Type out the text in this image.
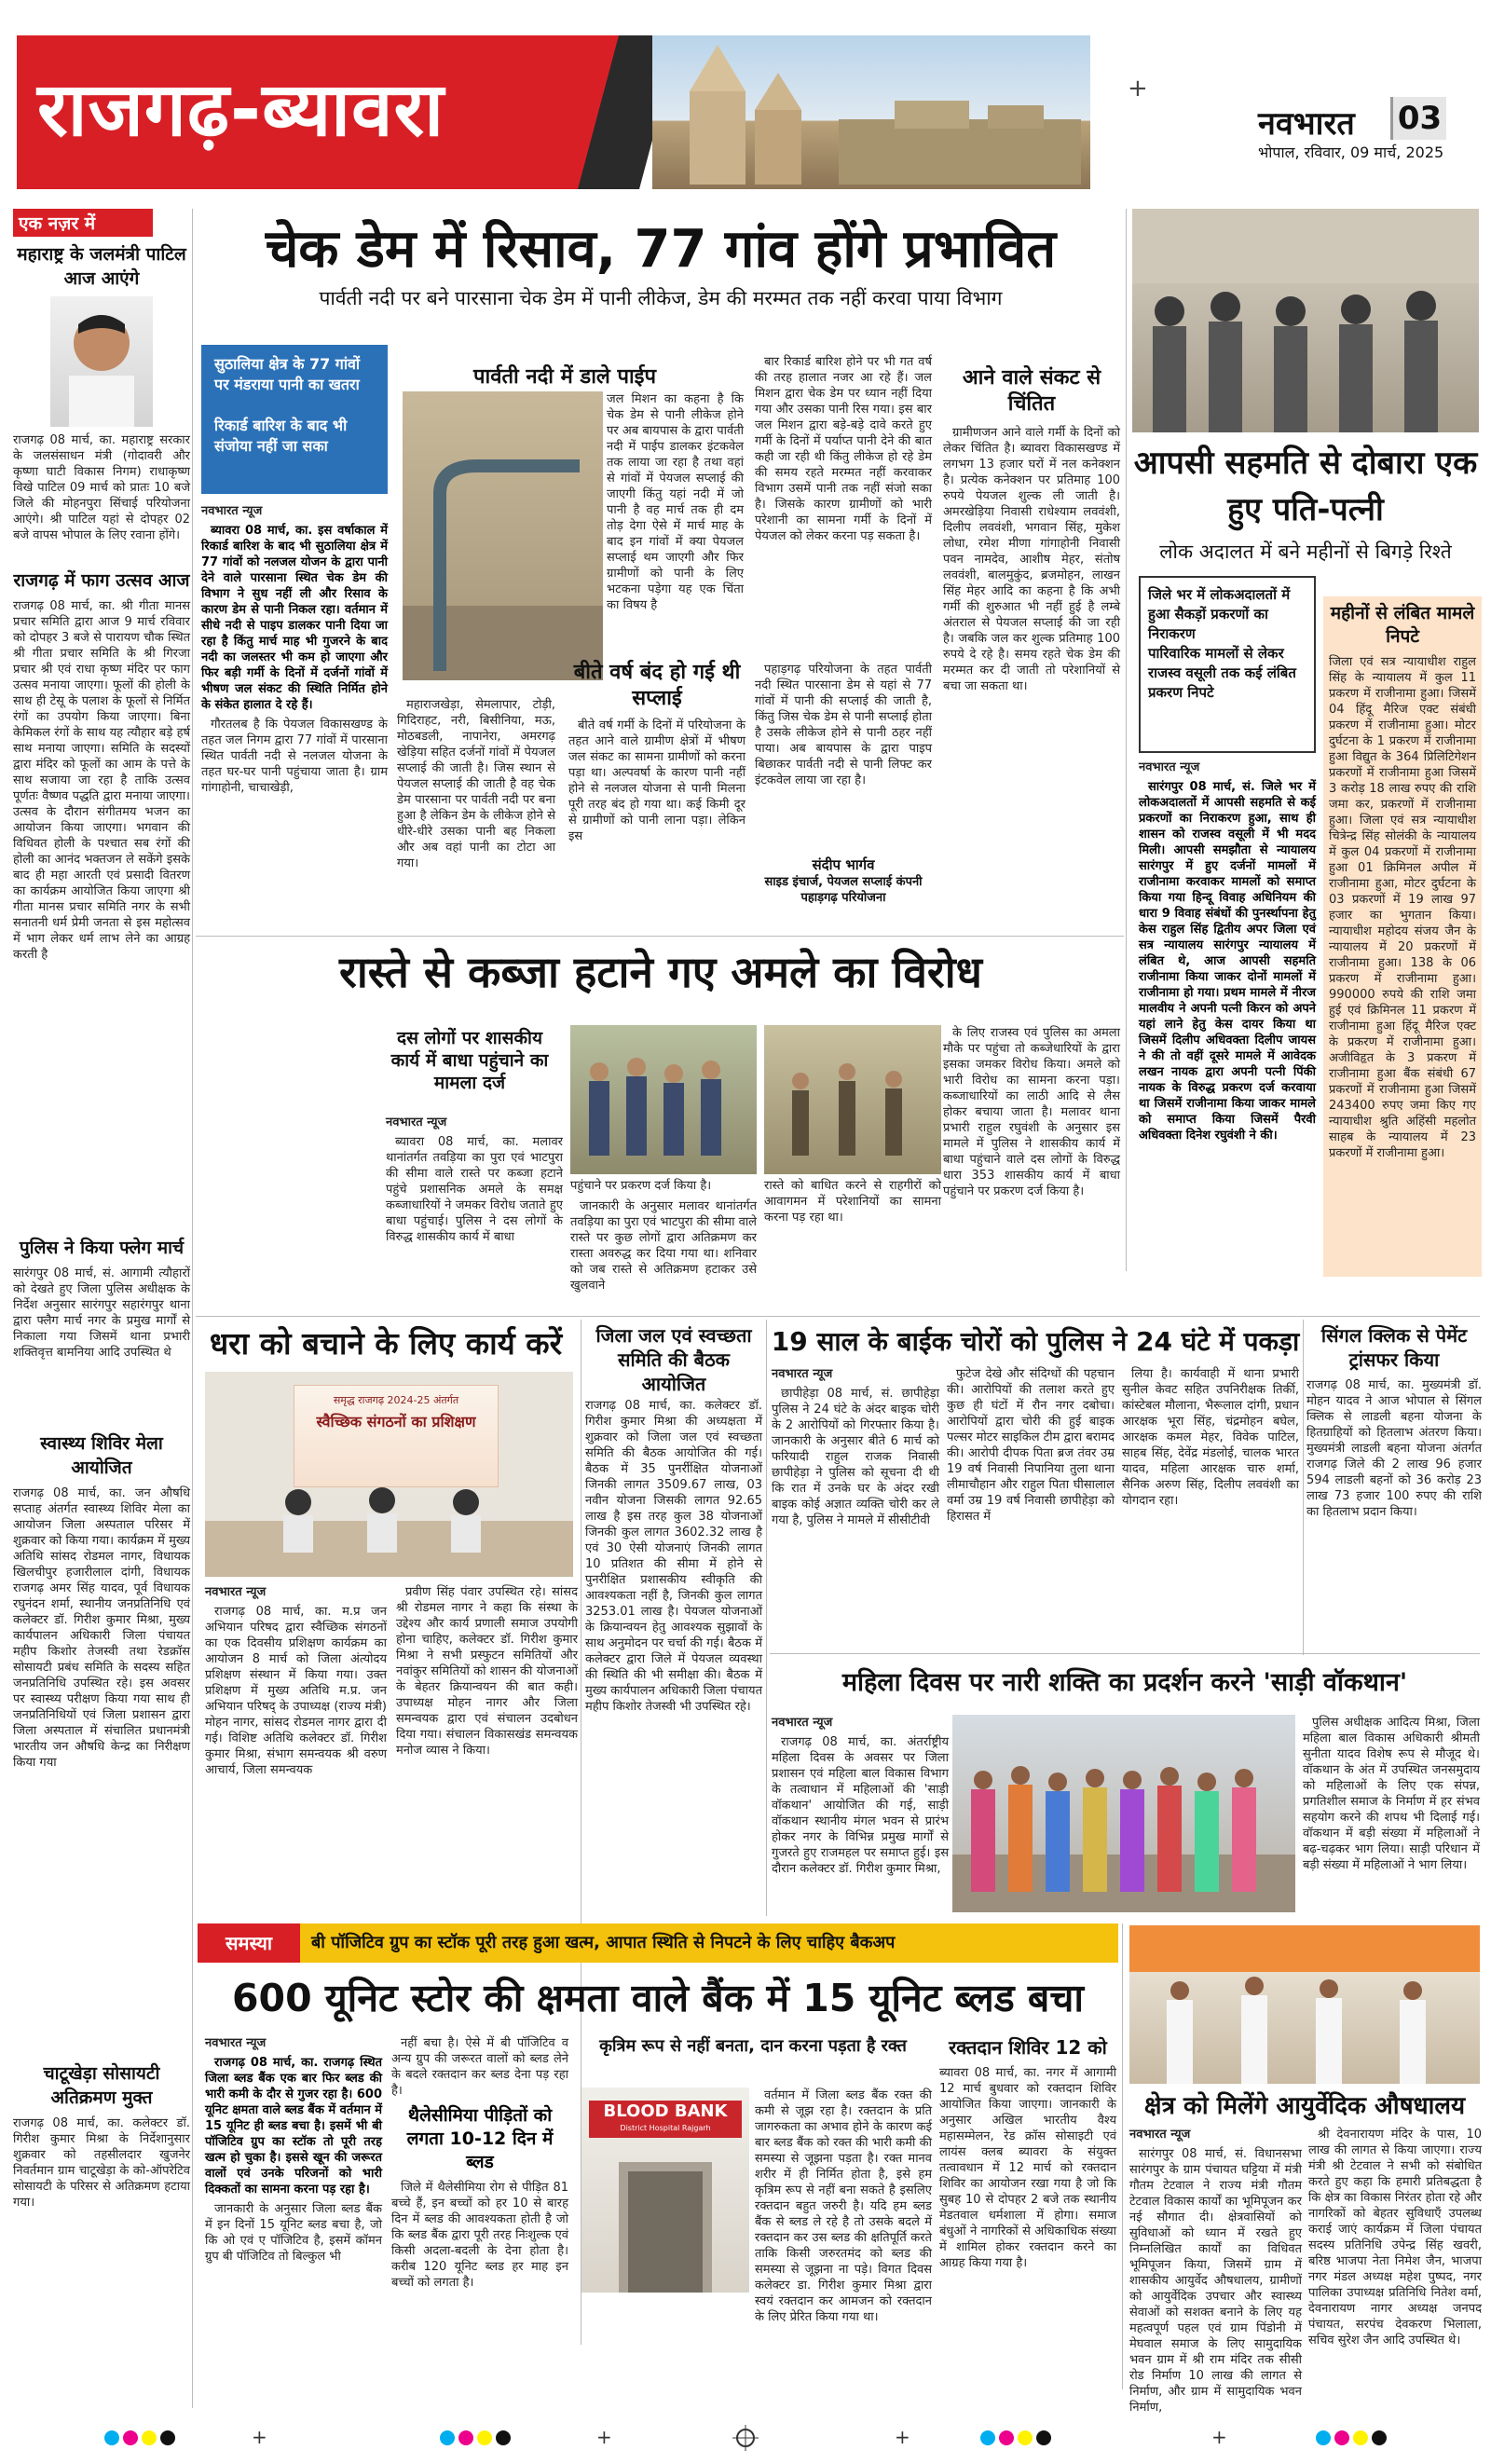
राजगढ़-ब्यावरा	+
नवभारत 03
भोपाल, रविवार, 09 मार्च, 2025
एक नज़र में
महाराष्ट्र के जलमंत्री पाटिल आज आएंगे
राजगढ़ 08 मार्च, का. महाराष्ट्र सरकार के जलसंसाधन मंत्री (गोदावरी और कृष्णा घाटी विकास निगम) राधाकृष्ण विखे पाटिल 09 मार्च को प्रातः 10 बजे जिले की मोहनपुरा सिंचाई परियोजना आएंगे। श्री पाटिल यहां से दोपहर 02 बजे वापस भोपाल के लिए रवाना होंगे।
राजगढ़ में फाग उत्सव आज
राजगढ़ 08 मार्च, का. श्री गीता मानस प्रचार समिति द्वारा आज 9 मार्च रविवार को दोपहर 3 बजे से पारायण चौक स्थित श्री गीता प्रचार समिति के श्री गिरजा प्रचार श्री एवं राधा कृष्ण मंदिर पर फाग उत्सव मनाया जाएगा। फूलों की होली के साथ ही टेसू के पलाश के फूलों से निर्मित रंगों का उपयोग किया जाएगा। बिना केमिकल रंगों के साथ यह त्यौहार बड़े हर्ष साथ मनाया जाएगा। समिति के सदस्यों द्वारा मंदिर को फूलों का आम के पत्ते के साथ सजाया जा रहा है ताकि उत्सव पूर्णतः वैष्णव पद्धति द्वारा मनाया जाएगा। उत्सव के दौरान संगीतमय भजन का आयोजन किया जाएगा। भगवान की विधिवत होली के पश्चात सब रंगों की होली का आनंद भक्तजन ले सकेंगे इसके बाद ही महा आरती एवं प्रसादी वितरण का कार्यक्रम आयोजित किया जाएगा श्री गीता मानस प्रचार समिति नगर के सभी सनातनी धर्म प्रेमी जनता से इस महोत्सव में भाग लेकर धर्म लाभ लेने का आग्रह करती है
पुलिस ने किया फ्लेग मार्च
सारंगपुर 08 मार्च, सं. आगामी त्यौहारों को देखते हुए जिला पुलिस अधीक्षक के निर्देश अनुसार सारंगपुर सहारंगपुर थाना द्वारा फ्लैग मार्च नगर के प्रमुख मार्गों से निकाला गया जिसमें थाना प्रभारी शक्तिवृत्त बामनिया आदि उपस्थित थे
स्वास्थ्य शिविर मेला आयोजित
राजगढ़ 08 मार्च, का. जन औषधि सप्ताह अंतर्गत स्वास्थ्य शिविर मेला का आयोजन जिला अस्पताल परिसर में शुक्रवार को किया गया। कार्यक्रम में मुख्य अतिथि सांसद रोडमल नागर, विधायक खिलचीपुर हजारीलाल दांगी, विधायक राजगढ़ अमर सिंह यादव, पूर्व विधायक रघुनंदन शर्मा, स्थानीय जनप्रतिनिधि एवं कलेक्टर डॉ. गिरीश कुमार मिश्रा, मुख्य कार्यपालन अधिकारी जिला पंचायत महीप किशोर तेजस्वी तथा रेडक्रॉस सोसायटी प्रबंध समिति के सदस्य सहित जनप्रतिनिधि उपस्थित रहे। इस अवसर पर स्वास्थ्य परीक्षण किया गया साथ ही जनप्रतिनिधियों एवं जिला प्रशासन द्वारा जिला अस्पताल में संचालित प्रधानमंत्री भारतीय जन औषधि केन्द्र का निरीक्षण किया गया
चाटूखेड़ा सोसायटी अतिक्रमण मुक्त
राजगढ़ 08 मार्च, का. कलेक्टर डॉ. गिरीश कुमार मिश्रा के निर्देशानुसार शुक्रवार को तहसीलदार खुजनेर निवर्तमान ग्राम चाटूखेड़ा के को-ऑपरेटिव सोसायटी के परिसर से अतिक्रमण हटाया गया।
चेक डेम में रिसाव, 77 गांव होंगे प्रभावित
पार्वती नदी पर बने पारसाना चेक डेम में पानी लीकेज, डेम की मरम्मत तक नहीं करवा पाया विभाग
सुठालिया क्षेत्र के 77 गांवों पर मंडराया पानी का खतरा

रिकार्ड बारिश के बाद भी संजोया नहीं जा सका

नवभारत न्यूज

ब्यावरा 08 मार्च, का. इस वर्षाकाल में रिकार्ड बारिश के बाद भी सुठालिया क्षेत्र में 77 गांवों को नलजल योजन के द्वारा पानी देने वाले पारसाना स्थित चेक डेम की विभाग ने सुध नहीं ली और रिसाव के कारण डेम से पानी निकल रहा। वर्तमान में सीधे नदी से पाइप डालकर पानी दिया जा रहा है किंतु मार्च माह भी गुजरने के बाद नदी का जलस्तर भी कम हो जाएगा और फिर बड़ी गर्मी के दिनों में दर्जनों गांवों में भीषण जल संकट की स्थिति निर्मित होने के संकेत हालात दे रहे हैं।

गौरतलब है कि पेयजल विकासखण्ड के तहत जल निगम द्वारा 77 गांवों में पारसाना स्थित पार्वती नदी से नलजल योजना के तहत घर-घर पानी पहुंचाया जाता है। ग्राम गांगाहोनी, चाचाखेड़ी,

पार्वती नदी में डाले पाईप
जल मिशन का कहना है कि चेक डेम से पानी लीकेज होने पर अब बायपास के द्वारा पार्वती नदी में पाईप डालकर इंटकवेल तक लाया जा रहा है तथा वहां से गांवों में पेयजल सप्लाई की जाएगी किंतु यहां नदी में जो पानी है वह मार्च तक ही दम तोड़ देगा ऐसे में मार्च माह के बाद इन गांवों में क्या पेयजल सप्लाई थम जाएगी और फिर ग्रामीणों को पानी के लिए भटकना पड़ेगा यह एक चिंता का विषय है

महाराजखेड़ा, सेमलापार, टोड़ी, गिदिराहट, नरी, बिसीनिया, मऊ, मोठबडली, नापानेरा, अमरगढ़ खेड़िया सहित दर्जनों गांवों में पेयजल सप्लाई की जाती है। जिस स्थान से पेयजल सप्लाई की जाती है वह चेक डेम पारसाना पर पार्वती नदी पर बना हुआ है लेकिन डेम के लीकेज होने से धीरे-धीरे उसका पानी बह निकला और अब वहां पानी का टोटा आ गया।

बीते वर्ष बंद हो गई थी सप्लाई

बीते वर्ष गर्मी के दिनों में परियोजना के तहत आने वाले ग्रामीण क्षेत्रों में भीषण जल संकट का सामना ग्रामीणों को करना पड़ा था। अल्पवर्षा के कारण पानी नहीं होने से नलजल योजना से पानी मिलना पूरी तरह बंद हो गया था। कई किमी दूर से ग्रामीणों को पानी लाना पड़ा। लेकिन इस

बार रिकार्ड बारिश होने पर भी गत वर्ष की तरह हालात नजर आ रहे हैं। जल मिशन द्वारा चेक डेम पर ध्यान नहीं दिया गया और उसका पानी रिस गया। इस बार जल मिशन द्वारा बड़े-बड़े दावे करते हुए गर्मी के दिनों में पर्याप्त पानी देने की बात कही जा रही थी किंतु लीकेज हो रहे डेम की समय रहते मरम्मत नहीं करवाकर विभाग उसमें पानी तक नहीं संजो सका है। जिसके कारण ग्रामीणों को भारी परेशानी का सामना गर्मी के दिनों में पेयजल को लेकर करना पड़ सकता है।

पहाड़गढ़ परियोजना के तहत पार्वती नदी स्थित पारसाना डेम से यहां से 77 गांवों में पानी की सप्लाई की जाती है, किंतु जिस चेक डेम से पानी सप्लाई होता है उसके लीकेज होने से पानी ठहर नहीं पाया। अब बायपास के द्वारा पाइप बिछाकर पार्वती नदी से पानी लिफ्ट कर इंटकवेल लाया जा रहा है।

संदीप भार्गव
साइड इंचार्ज, पेयजल सप्लाई कंपनी पहाड़गढ़ परियोजना
आने वाले संकट से चिंतित

ग्रामीणजन आने वाले गर्मी के दिनों को लेकर चिंतित है। ब्यावरा विकासखण्ड में लगभग 13 हजार घरों में नल कनेक्शन है। प्रत्येक कनेक्शन पर प्रतिमाह 100 रुपये पेयजल शुल्क ली जाती है। अमरखेड़िया निवासी राधेश्याम लववंशी, दिलीप लववंशी, भगवान सिंह, मुकेश लोधा, रमेश मीणा गांगाहोनी निवासी पवन नामदेव, आशीष मेहर, संतोष लववंशी, बालमुकुंद, ब्रजमोहन, लाखन सिंह मेहर आदि का कहना है कि अभी गर्मी की शुरुआत भी नहीं हुई है लम्बे अंतराल से पेयजल सप्लाई की जा रही है। जबकि जल कर शुल्क प्रतिमाह 100 रुपये दे रहे है। समय रहते चेक डेम की मरम्मत कर दी जाती तो परेशानियों से बचा जा सकता था।

आपसी सहमति से दोबारा एक हुए पति-पत्नी
लोक अदालत में बने महीनों से बिगड़े रिश्ते
जिले भर में लोकअदालतों में हुआ सैकड़ों प्रकरणों का निराकरण
पारिवारिक मामलों से लेकर राजस्व वसूली तक कई लंबित प्रकरण निपटे

नवभारत न्यूज

सारंगपुर 08 मार्च, सं. जिले भर में लोकअदालतों में आपसी सहमति से कई प्रकरणों का निराकरण हुआ, साथ ही शासन को राजस्व वसूली में भी मदद मिली। आपसी समझौता से न्यायालय सारंगपुर में हुए दर्जनों मामलों में राजीनामा करवाकर मामलों को समाप्त किया गया हिन्दू विवाह अधिनियम की धारा 9 विवाह संबंधों की पुनर्स्थापना हेतु केस राहुल सिंह द्वितीय अपर जिला एवं सत्र न्यायालय सारंगपुर न्यायालय में लंबित थे, आज आपसी सहमति राजीनामा किया जाकर दोनों मामलों में राजीनामा हो गया। प्रथम मामले में नीरज मालवीय ने अपनी पत्नी किरन को अपने यहां लाने हेतु केस दायर किया था जिसमें दिलीप अधिवक्ता दिलीप जायस ने की तो वहीं दूसरे मामले में आवेदक लखन नायक द्वारा अपनी पत्नी पिंकी नायक के विरुद्ध प्रकरण दर्ज करवाया था जिसमें राजीनामा किया जाकर मामले को समाप्त किया जिसमें पैरवी अधिवक्ता दिनेश रघुवंशी ने की।

महीनों से लंबित मामले निपटे
जिला एवं सत्र न्यायाधीश राहुल सिंह के न्यायालय में कुल 11 प्रकरण में राजीनामा हुआ। जिसमें 04 हिंदू मैरिज एक्ट संबंधी प्रकरण में राजीनामा हुआ। मोटर दुर्घटना के 1 प्रकरण में राजीनामा हुआ विद्युत के 364 प्रिलिटिगेशन प्रकरणों में राजीनामा हुआ जिसमें 3 करोड़ 18 लाख रुपए की राशि जमा कर, प्रकरणों में राजीनामा हुआ। जिला एवं सत्र न्यायाधीश चित्रेन्द्र सिंह सोलंकी के न्यायालय में कुल 04 प्रकरणों में राजीनामा हुआ 01 क्रिमिनल अपील में राजीनामा हुआ, मोटर दुर्घटना के 03 प्रकरणों में 19 लाख 97 हजार का भुगतान किया। न्यायाधीश महोदय संजय जैन के न्यायालय में 20 प्रकरणों में राजीनामा हुआ। 138 के 06 प्रकरण में राजीनामा हुआ। 990000 रुपये की राशि जमा हुई एवं क्रिमिनल 11 प्रकरण में राजीनामा हुआ हिंदू मैरिज एक्ट के प्रकरण में राजीनामा हुआ। अजीविहृत के 3 प्रकरण में राजीनामा हुआ बैंक संबंधी 67 प्रकरणों में राजीनामा हुआ जिसमें 243400 रुपए जमा किए गए न्यायाधीश श्रुति अहिंसी महलोत साहब के न्यायालय में 23 प्रकरणों में राजीनामा हुआ।
रास्ते से कब्जा हटाने गए अमले का विरोध
दस लोगों पर शासकीय कार्य में बाधा पहुंचाने का मामला दर्ज

नवभारत न्यूज

ब्यावरा 08 मार्च, का. मलावर थानांतर्गत तवड़िया का पुरा एवं भाटपुरा की सीमा वाले रास्ते पर कब्जा हटाने पहुंचे प्रशासनिक अमले के समक्ष कब्जाधारियों ने जमकर विरोध जताते हुए बाधा पहुंचाई। पुलिस ने दस लोगों के विरुद्ध शासकीय कार्य में बाधा

पहुंचाने पर प्रकरण दर्ज किया है।	रास्ते को बाधित करने से राहगीरों को आवागमन में परेशानियों का सामना करना पड़ रहा था।

जानकारी के अनुसार मलावर थानांतर्गत तवड़िया का पुरा एवं भाटपुरा की सीमा वाले रास्ते पर कुछ लोगों द्वारा अतिक्रमण कर रास्ता अवरुद्ध कर दिया गया था। शनिवार को जब रास्ते से अतिक्रमण हटाकर उसे खुलवाने

के लिए राजस्व एवं पुलिस का अमला मौके पर पहुंचा तो कब्जेधारियों के द्वारा इसका जमकर विरोध किया। अमले को भारी विरोध का सामना करना पड़ा। कब्जाधारियों का लाठी आदि से लैस होकर बचाया जाता है। मलावर थाना प्रभारी राहुल रघुवंशी के अनुसार इस मामले में पुलिस ने शासकीय कार्य में बाधा पहुंचाने वाले दस लोगों के विरुद्ध धारा 353 शासकीय कार्य में बाधा पहुंचाने पर प्रकरण दर्ज किया है।

धरा को बचाने के लिए कार्य करें
समृद्ध राजगढ़ 2024-25 अंतर्गत
स्वैच्छिक संगठनों का प्रशिक्षण

नवभारत न्यूज

राजगढ़ 08 मार्च, का. म.प्र जन अभियान परिषद द्वारा स्वैच्छिक संगठनों का एक दिवसीय प्रशिक्षण कार्यक्रम का आयोजन 8 मार्च को जिला अंत्योदय प्रशिक्षण संस्थान में किया गया। उक्त प्रशिक्षण में मुख्य अतिथि म.प्र. जन अभियान परिषद् के उपाध्यक्ष (राज्य मंत्री) मोहन नागर, सांसद रोडमल नागर द्वारा दी गई। विशिष्ट अतिथि कलेक्टर डॉ. गिरीश कुमार मिश्रा, संभाग समन्वयक श्री वरुण आचार्य, जिला समन्वयक

प्रवीण सिंह पंवार उपस्थित रहे। सांसद श्री रोडमल नागर ने कहा कि संस्था के उद्देश्य और कार्य प्रणाली समाज उपयोगी होना चाहिए, कलेक्टर डॉ. गिरीश कुमार मिश्रा ने सभी प्रस्फुटन समितियों और नवांकुर समितियों को शासन की योजनाओं के बेहतर क्रियान्वयन की बात कही। उपाध्यक्ष मोहन नागर और जिला समन्वयक द्वारा एवं संचालन उदबोधन दिया गया। संचालन विकासखंड समन्वयक मनोज व्यास ने किया।

जिला जल एवं स्वच्छता समिति की बैठक आयोजित
राजगढ़ 08 मार्च, का. कलेक्टर डॉ. गिरीश कुमार मिश्रा की अध्यक्षता में शुक्रवार को जिला जल एवं स्वच्छता समिति की बैठक आयोजित की गई। बैठक में 35 पुनर्रीक्षित योजनाओं जिनकी लागत 3509.67 लाख, 03 नवीन योजना जिसकी लागत 92.65 लाख है इस तरह कुल 38 योजनाओं जिनकी कुल लागत 3602.32 लाख है एवं 30 ऐसी योजनाएं जिनकी लागत 10 प्रतिशत की सीमा में होने से पुनरीक्षित प्रशासकीय स्वीकृति की आवश्यकता नहीं है, जिनकी कुल लागत 3253.01 लाख है। पेयजल योजनाओं के क्रियान्वयन हेतु आवश्यक सुझावों के साथ अनुमोदन पर चर्चा की गई। बैठक में कलेक्टर द्वारा जिले में पेयजल व्यवस्था की स्थिति की भी समीक्षा की। बैठक में मुख्य कार्यपालन अधिकारी जिला पंचायत महीप किशोर तेजस्वी भी उपस्थित रहे।
19 साल के बाईक चोरों को पुलिस ने 24 घंटे में पकड़ा

नवभारत न्यूज

छापीहेड़ा 08 मार्च, सं. छापीहेड़ा पुलिस ने 24 घंटे के अंदर बाइक चोरी के 2 आरोपियों को गिरफ्तार किया है। जानकारी के अनुसार बीते 6 मार्च को फरियादी राहुल राजक निवासी छापीहेड़ा ने पुलिस को सूचना दी थी कि रात में उनके घर के अंदर रखी बाइक कोई अज्ञात व्यक्ति चोरी कर ले गया है, पुलिस ने मामले में सीसीटीवी

फुटेज देखे और संदिग्धों की पहचान की। आरोपियों की तलाश करते हुए कुछ ही घंटों में रौन नगर दबोचा। आरोपियों द्वारा चोरी की हुई बाइक पल्सर मोटर साइकिल टीम द्वारा बरामद की। आरोपी दीपक पिता ब्रज तंवर उम्र 19 वर्ष निवासी निपानिया तुला थाना लीमाचौहान और राहुल पिता घीसालाल वर्मा उम्र 19 वर्ष निवासी छापीहेड़ा को हिरासत में

लिया है। कार्यवाही में थाना प्रभारी सुनील केवट सहित उपनिरीक्षक तिर्की, कांस्टेबल मौलाना, भैरूलाल दांगी, प्रधान आरक्षक भूरा सिंह, चंद्रमोहन बघेल, आरक्षक कमल मेहर, विवेक पाटिल, साहब सिंह, देवेंद्र मंडलोई, चालक भारत यादव, महिला आरक्षक चारु शर्मा, सैनिक अरुण सिंह, दिलीप लववंशी का योगदान रहा।

सिंगल क्लिक से पेमेंट ट्रांसफर किया
राजगढ़ 08 मार्च, का. मुख्यमंत्री डॉ. मोहन यादव ने आज भोपाल से सिंगल क्लिक से लाडली बहना योजना के हितग्राहियों को हितलाभ अंतरण किया। मुख्यमंत्री लाडली बहना योजना अंतर्गत राजगढ़ जिले की 2 लाख 96 हजार 594 लाडली बहनों को 36 करोड़ 23 लाख 73 हजार 100 रुपए की राशि का हितलाभ प्रदान किया।
महिला दिवस पर नारी शक्ति का प्रदर्शन करने 'साड़ी वॉकथान'

नवभारत न्यूज

राजगढ़ 08 मार्च, का. अंतर्राष्ट्रीय महिला दिवस के अवसर पर जिला प्रशासन एवं महिला बाल विकास विभाग के तत्वाधान में महिलाओं की 'साड़ी वॉकथान' आयोजित की गई, साड़ी वॉकथान स्थानीय मंगल भवन से प्रारंभ होकर नगर के विभिन्न प्रमुख मार्गों से गुजरते हुए राजमहल पर समाप्त हुई। इस दौरान कलेक्टर डॉ. गिरीश कुमार मिश्रा,

पुलिस अधीक्षक आदित्य मिश्रा, जिला महिला बाल विकास अधिकारी श्रीमती सुनीता यादव विशेष रूप से मौजूद थे। वॉकथान के अंत में उपस्थित जनसमुदाय को महिलाओं के लिए एक संपन्न, प्रगतिशील समाज के निर्माण में हर संभव सहयोग करने की शपथ भी दिलाई गई। वॉकथान में बड़ी संख्या में महिलाओं ने बढ़-चढ़कर भाग लिया। साड़ी परिधान में बड़ी संख्या में महिलाओं ने भाग लिया।

समस्या	बी पॉजिटिव ग्रुप का स्टॉक पूरी तरह हुआ खत्म, आपात स्थिति से निपटने के लिए चाहिए बैकअप
600 यूनिट स्टोर की क्षमता वाले बैंक में 15 यूनिट ब्लड बचा

नवभारत न्यूज

राजगढ़ 08 मार्च, का. राजगढ़ स्थित जिला ब्लड बैंक एक बार फिर ब्लड की भारी कमी के दौर से गुजर रहा है। 600 यूनिट क्षमता वाले ब्लड बैंक में वर्तमान में 15 यूनिट ही ब्लड बचा है। इसमें भी बी पॉजिटिव ग्रुप का स्टॉक तो पूरी तरह खत्म हो चुका है। इससे खून की जरूरत वालों एवं उनके परिजनों को भारी दिक्कतों का सामना करना पड़ रहा है।

जानकारी के अनुसार जिला ब्लड बैंक में इन दिनों 15 यूनिट ब्लड बचा है, जो कि ओ एवं ए पॉजिटिव है, इसमें कॉमन ग्रुप बी पॉजिटिव तो बिल्कुल भी

नहीं बचा है। ऐसे में बी पॉजिटिव व अन्य ग्रुप की जरूरत वालों को ब्लड लेने के बदले रक्तदान कर ब्लड देना पड़ रहा है।

थैलेसीमिया पीड़ितों को लगता 10-12 दिन में ब्लड

जिले में थैलेसीमिया रोग से पीड़ित 81 बच्चे हैं, इन बच्चों को हर 10 से बारह दिन में ब्लड की आवश्यकता होती है जो कि ब्लड बैंक द्वारा पूरी तरह निःशुल्क एवं किसी अदला-बदली के देना होता है। करीब 120 यूनिट ब्लड हर माह इन बच्चों को लगता है।

कृत्रिम रूप से नहीं बनता, दान करना पड़ता है रक्त
BLOOD BANK
District Hospital Rajgarh

वर्तमान में जिला ब्लड बैंक रक्त की कमी से जूझ रहा है। रक्तदान के प्रति जागरुकता का अभाव होने के कारण कई बार ब्लड बैंक को रक्त की भारी कमी की समस्या से जूझना पड़ता है। रक्त मानव शरीर में ही निर्मित होता है, इसे हम कृत्रिम रूप से नहीं बना सकते है इसलिए रक्तदान बहुत जरुरी है। यदि हम ब्लड बैंक से ब्लड ले रहे है तो उसके बदले में रक्तदान कर उस ब्लड की क्षतिपूर्ति करते ताकि किसी जरुरतमंद को ब्लड की समस्या से जूझना ना पड़े। विगत दिवस कलेक्टर डा. गिरीश कुमार मिश्रा द्वारा स्वयं रक्तदान कर आमजन को रक्तदान के लिए प्रेरित किया गया था।

रक्तदान शिविर 12 को
ब्यावरा 08 मार्च, का. नगर में आगामी 12 मार्च बुधवार को रक्तदान शिविर आयोजित किया जाएगा। जानकारी के अनुसार अखिल भारतीय वैश्य महासम्मेलन, रेड क्रॉस सोसाइटी एवं लायंस क्लब ब्यावरा के संयुक्त तत्वावधान में 12 मार्च को रक्तदान शिविर का आयोजन रखा गया है जो कि सुबह 10 से दोपहर 2 बजे तक स्थानीय मेडतवाल धर्मशाला में होगा। समाज बंधुओं ने नागरिकों से अधिकाधिक संख्या में शामिल होकर रक्तदान करने का आग्रह किया गया है।
क्षेत्र को मिलेंगे आयुर्वेदिक औषधालय

नवभारत न्यूज

सारंगपुर 08 मार्च, सं. विधानसभा सारंगपुर के ग्राम पंचायत घट्टिया में मंत्री गौतम टेटवाल ने राज्य मंत्री गौतम टेटवाल विकास कार्यों का भूमिपूजन कर नई सौगात दी। क्षेत्रवासियों को सुविधाओं को ध्यान में रखते हुए निम्नलिखित कार्यों का विधिवत भूमिपूजन किया, जिसमें ग्राम में शासकीय आयुर्वेद औषधालय, ग्रामीणों को आयुर्वेदिक उपचार और स्वास्थ्य सेवाओं को सशक्त बनाने के लिए यह महत्वपूर्ण पहल एवं ग्राम पिंडोनी में मेघवाल समाज के लिए सामुदायिक भवन ग्राम में श्री राम मंदिर तक सीसी रोड निर्माण 10 लाख की लागत से निर्माण, और ग्राम में सामुदायिक भवन निर्माण,

श्री देवनारायण मंदिर के पास, 10 लाख की लागत से किया जाएगा। राज्य मंत्री श्री टेटवाल ने सभी को संबोधित करते हुए कहा कि हमारी प्रतिबद्धता है कि क्षेत्र का विकास निरंतर होता रहे और नागरिकों को बेहतर सुविधाएँ उपलब्ध कराई जाएं कार्यक्रम में जिला पंचायत सदस्य प्रतिनिधि उपेन्द्र सिंह खवरी, बरिष्ठ भाजपा नेता निमेश जैन, भाजपा नगर मंडल अध्यक्ष महेश पुष्पद, नगर पालिका उपाध्यक्ष प्रतिनिधि नितेश वर्मा, देवनारायण नागर अध्यक्ष जनपद पंचायत, सरपंच देवकरण भिलाला, सचिव सुरेश जैन आदि उपस्थित थे।

+	+	+	+
